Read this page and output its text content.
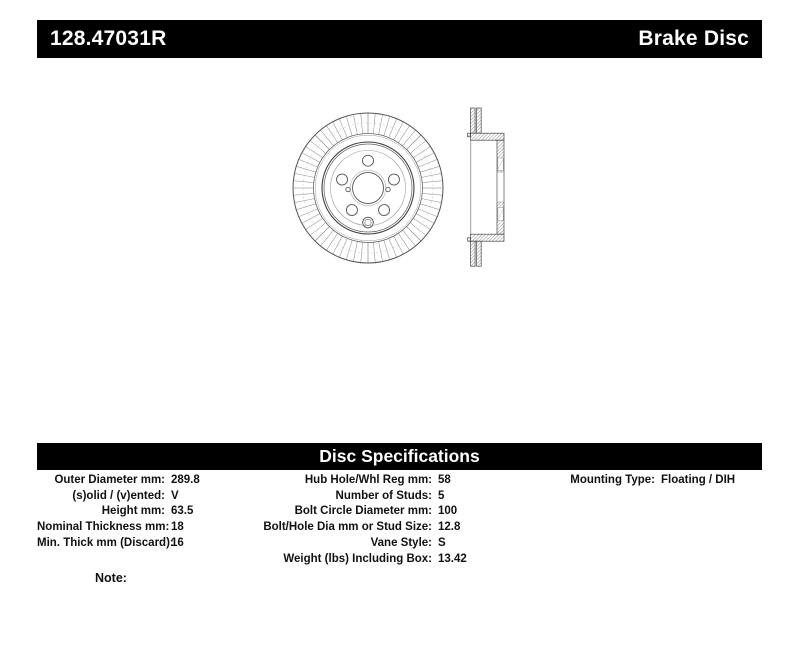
128.47031R	Brake Disc
Disc Specifications
Outer Diameter mm: 289.8
(s)olid / (v)ented: V
Height mm: 63.5
Nominal Thickness mm: 18
Min. Thick mm (Discard):
16
Hub Hole/Whl Reg mm: 58
Number of Studs: 5
Bolt Circle Diameter mm: 100
Bolt/Hole Dia mm or Stud Size: 12.8
Vane Style: S
Weight (lbs) Including Box: 13.42
Mounting Type: Floating / DIH
Note:
